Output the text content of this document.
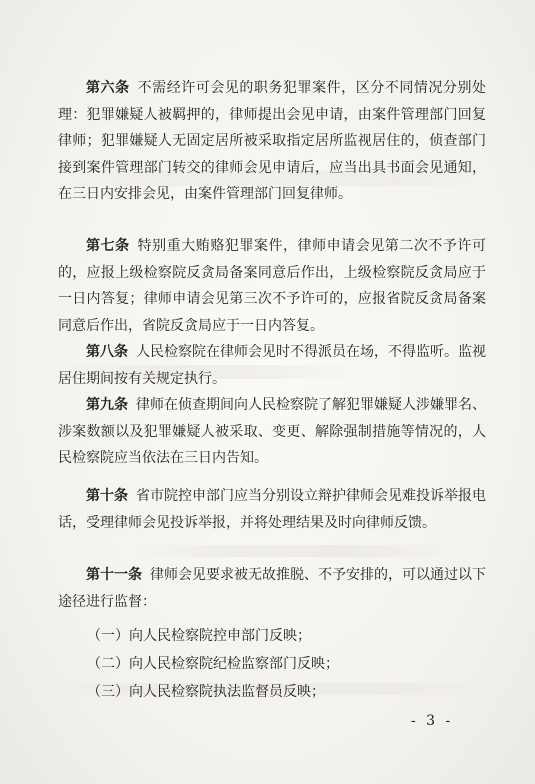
第六条 不需经许可会见的职务犯罪案件，区分不同情况分别处理：犯罪嫌疑人被羁押的，律师提出会见申请，由案件管理部门回复律师；犯罪嫌疑人无固定居所被采取指定居所监视居住的，侦查部门接到案件管理部门转交的律师会见申请后，应当出具书面会见通知，在三日内安排会见，由案件管理部门回复律师。

第七条 特别重大贿赂犯罪案件，律师申请会见第二次不予许可的，应报上级检察院反贪局备案同意后作出，上级检察院反贪局应于一日内答复；律师申请会见第三次不予许可的，应报省院反贪局备案同意后作出，省院反贪局应于一日内答复。

第八条 人民检察院在律师会见时不得派员在场，不得监听。监视居住期间按有关规定执行。

第九条 律师在侦查期间向人民检察院了解犯罪嫌疑人涉嫌罪名、涉案数额以及犯罪嫌疑人被采取、变更、解除强制措施等情况的，人民检察院应当依法在三日内告知。

第十条 省市院控申部门应当分别设立辩护律师会见难投诉举报电话，受理律师会见投诉举报，并将处理结果及时向律师反馈。

第十一条 律师会见要求被无故推脱、不予安排的，可以通过以下途径进行监督：

（一）向人民检察院控申部门反映；
（二）向人民检察院纪检监察部门反映；
（三）向人民检察院执法监督员反映；
- 3 -
